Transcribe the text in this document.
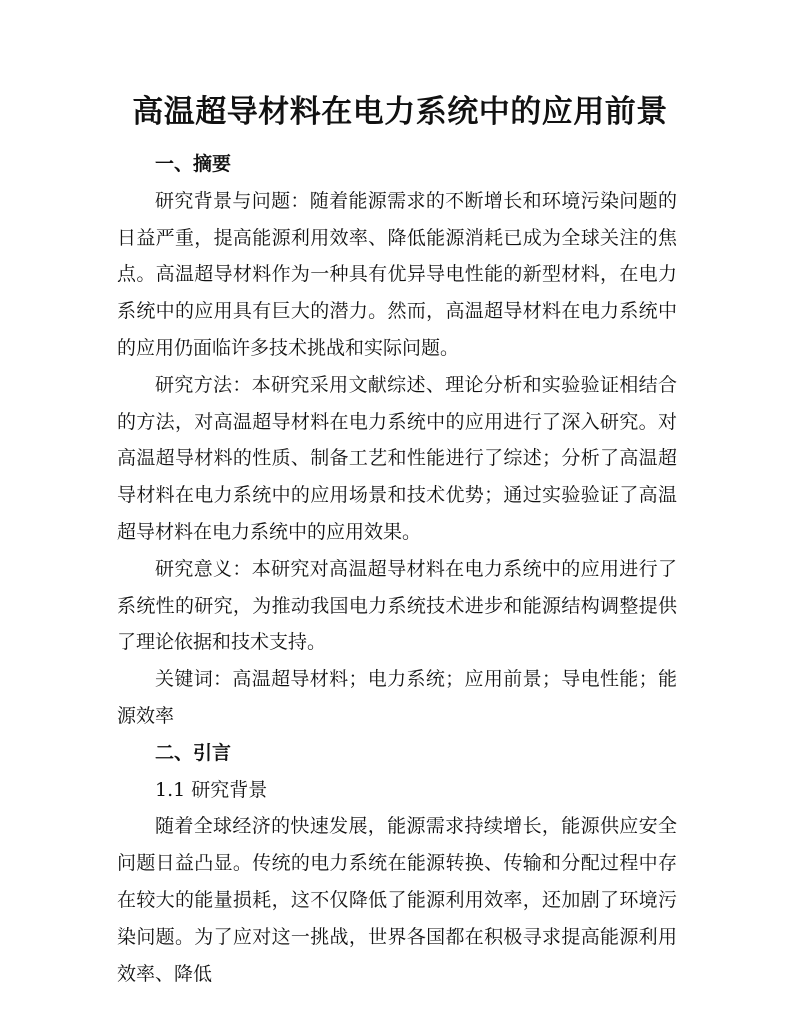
高温超导材料在电力系统中的应用前景

一、摘要

研究背景与问题：随着能源需求的不断增长和环境污染问题的日益严重，提高能源利用效率、降低能源消耗已成为全球关注的焦点。高温超导材料作为一种具有优异导电性能的新型材料，在电力系统中的应用具有巨大的潜力。然而，高温超导材料在电力系统中的应用仍面临许多技术挑战和实际问题。

研究方法：本研究采用文献综述、理论分析和实验验证相结合的方法，对高温超导材料在电力系统中的应用进行了深入研究。对高温超导材料的性质、制备工艺和性能进行了综述；分析了高温超导材料在电力系统中的应用场景和技术优势；通过实验验证了高温超导材料在电力系统中的应用效果。

研究意义：本研究对高温超导材料在电力系统中的应用进行了系统性的研究，为推动我国电力系统技术进步和能源结构调整提供了理论依据和技术支持。

关键词：高温超导材料；电力系统；应用前景；导电性能；能源效率

二、引言

1.1 研究背景

随着全球经济的快速发展，能源需求持续增长，能源供应安全问题日益凸显。传统的电力系统在能源转换、传输和分配过程中存在较大的能量损耗，这不仅降低了能源利用效率，还加剧了环境污染问题。为了应对这一挑战，世界各国都在积极寻求提高能源利用效率、降低
